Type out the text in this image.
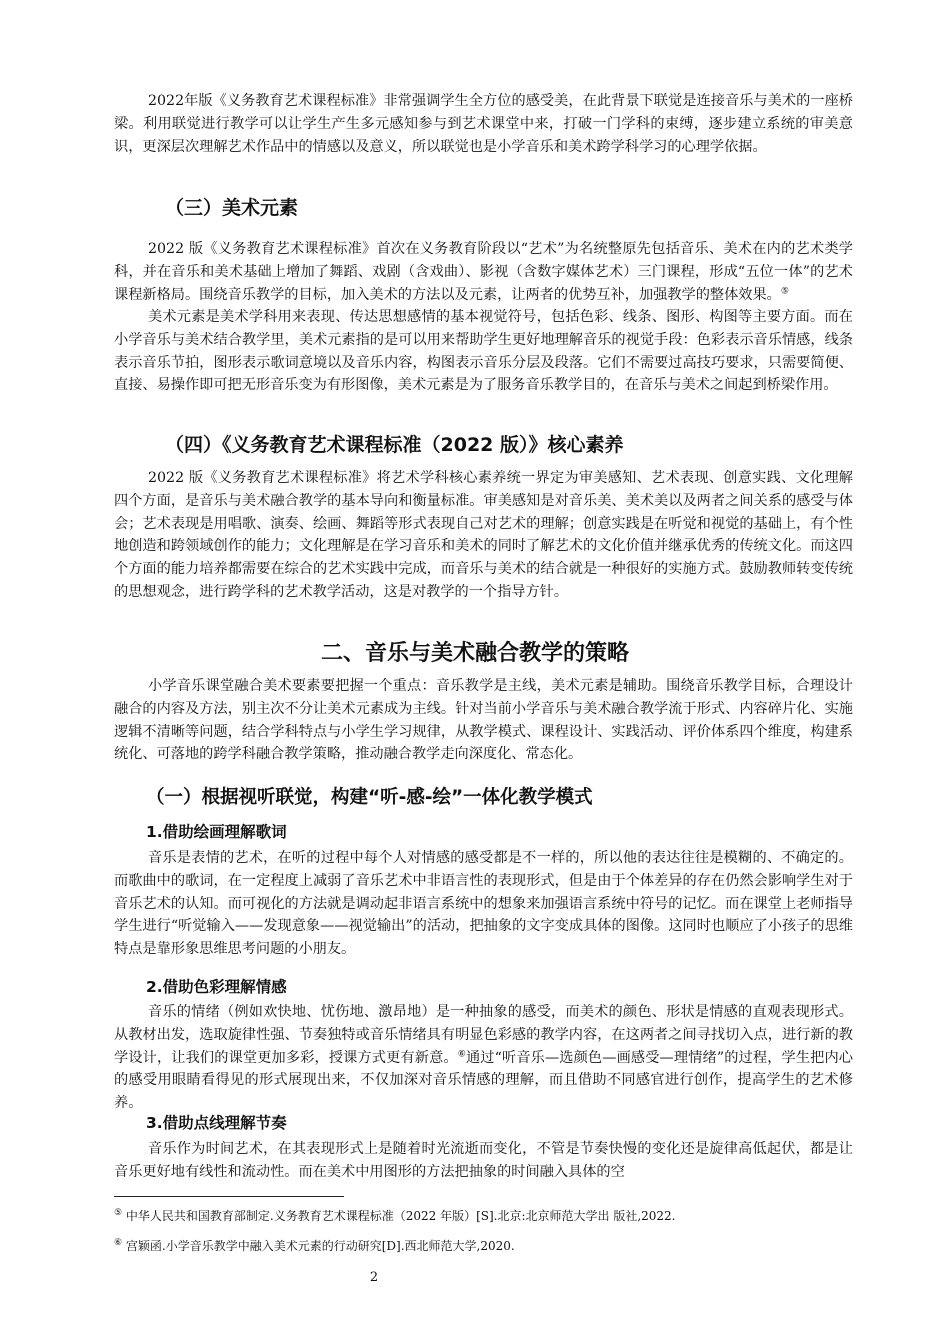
2022年版《义务教育艺术课程标准》非常强调学生全方位的感受美，在此背景下联觉是连接音乐与美术的一座桥梁。利用联觉进行教学可以让学生产生多元感知参与到艺术课堂中来，打破一门学科的束缚，逐步建立系统的审美意识，更深层次理解艺术作品中的情感以及意义，所以联觉也是小学音乐和美术跨学科学习的心理学依据。

（三）美术元素

2022 版《义务教育艺术课程标准》首次在义务教育阶段以“艺术”为名统整原先包括音乐、美术在内的艺术类学科，并在音乐和美术基础上增加了舞蹈、戏剧（含戏曲）、影视（含数字媒体艺术）三门课程，形成“五位一体”的艺术课程新格局。围绕音乐教学的目标，加入美术的方法以及元素，让两者的优势互补，加强教学的整体效果。⑤

美术元素是美术学科用来表现、传达思想感情的基本视觉符号，包括色彩、线条、图形、构图等主要方面。而在小学音乐与美术结合教学里，美术元素指的是可以用来帮助学生更好地理解音乐的视觉手段：色彩表示音乐情感，线条表示音乐节拍，图形表示歌词意境以及音乐内容，构图表示音乐分层及段落。它们不需要过高技巧要求，只需要简便、直接、易操作即可把无形音乐变为有形图像，美术元素是为了服务音乐教学目的，在音乐与美术之间起到桥梁作用。

（四）《义务教育艺术课程标准（2022 版）》核心素养

2022 版《义务教育艺术课程标准》将艺术学科核心素养统一界定为审美感知、艺术表现、创意实践、文化理解四个方面，是音乐与美术融合教学的基本导向和衡量标准。审美感知是对音乐美、美术美以及两者之间关系的感受与体会；艺术表现是用唱歌、演奏、绘画、舞蹈等形式表现自己对艺术的理解；创意实践是在听觉和视觉的基础上，有个性地创造和跨领域创作的能力；文化理解是在学习音乐和美术的同时了解艺术的文化价值并继承优秀的传统文化。而这四个方面的能力培养都需要在综合的艺术实践中完成，而音乐与美术的结合就是一种很好的实施方式。鼓励教师转变传统的思想观念，进行跨学科的艺术教学活动，这是对教学的一个指导方针。

二、音乐与美术融合教学的策略

小学音乐课堂融合美术要素要把握一个重点：音乐教学是主线，美术元素是辅助。围绕音乐教学目标，合理设计融合的内容及方法，别主次不分让美术元素成为主线。针对当前小学音乐与美术融合教学流于形式、内容碎片化、实施逻辑不清晰等问题，结合学科特点与小学生学习规律，从教学模式、课程设计、实践活动、评价体系四个维度，构建系统化、可落地的跨学科融合教学策略，推动融合教学走向深度化、常态化。

（一）根据视听联觉，构建“听-感-绘”一体化教学模式
1.借助绘画理解歌词

音乐是表情的艺术，在听的过程中每个人对情感的感受都是不一样的，所以他的表达往往是模糊的、不确定的。而歌曲中的歌词，在一定程度上减弱了音乐艺术中非语言性的表现形式，但是由于个体差异的存在仍然会影响学生对于音乐艺术的认知。而可视化的方法就是调动起非语言系统中的想象来加强语言系统中符号的记忆。而在课堂上老师指导学生进行“听觉输入——发现意象——视觉输出”的活动，把抽象的文字变成具体的图像。这同时也顺应了小孩子的思维特点是靠形象思维思考问题的小朋友。

2.借助色彩理解情感

音乐的情绪（例如欢快地、忧伤地、激昂地）是一种抽象的感受，而美术的颜色、形状是情感的直观表现形式。从教材出发，选取旋律性强、节奏独特或音乐情绪具有明显色彩感的教学内容，在这两者之间寻找切入点，进行新的教学设计，让我们的课堂更加多彩，授课方式更有新意。⑥通过“听音乐—选颜色—画感受—理情绪”的过程，学生把内心的感受用眼睛看得见的形式展现出来，不仅加深对音乐情感的理解，而且借助不同感官进行创作，提高学生的艺术修养。

3.借助点线理解节奏

音乐作为时间艺术，在其表现形式上是随着时光流逝而变化，不管是节奏快慢的变化还是旋律高低起伏，都是让音乐更好地有线性和流动性。而在美术中用图形的方法把抽象的时间融入具体的空

⑤ 中华人民共和国教育部制定.义务教育艺术课程标准（2022 年版）[S].北京:北京师范大学出 版社,2022.

⑥ 宫颖函.小学音乐教学中融入美术元素的行动研究[D].西北师范大学,2020.

2
